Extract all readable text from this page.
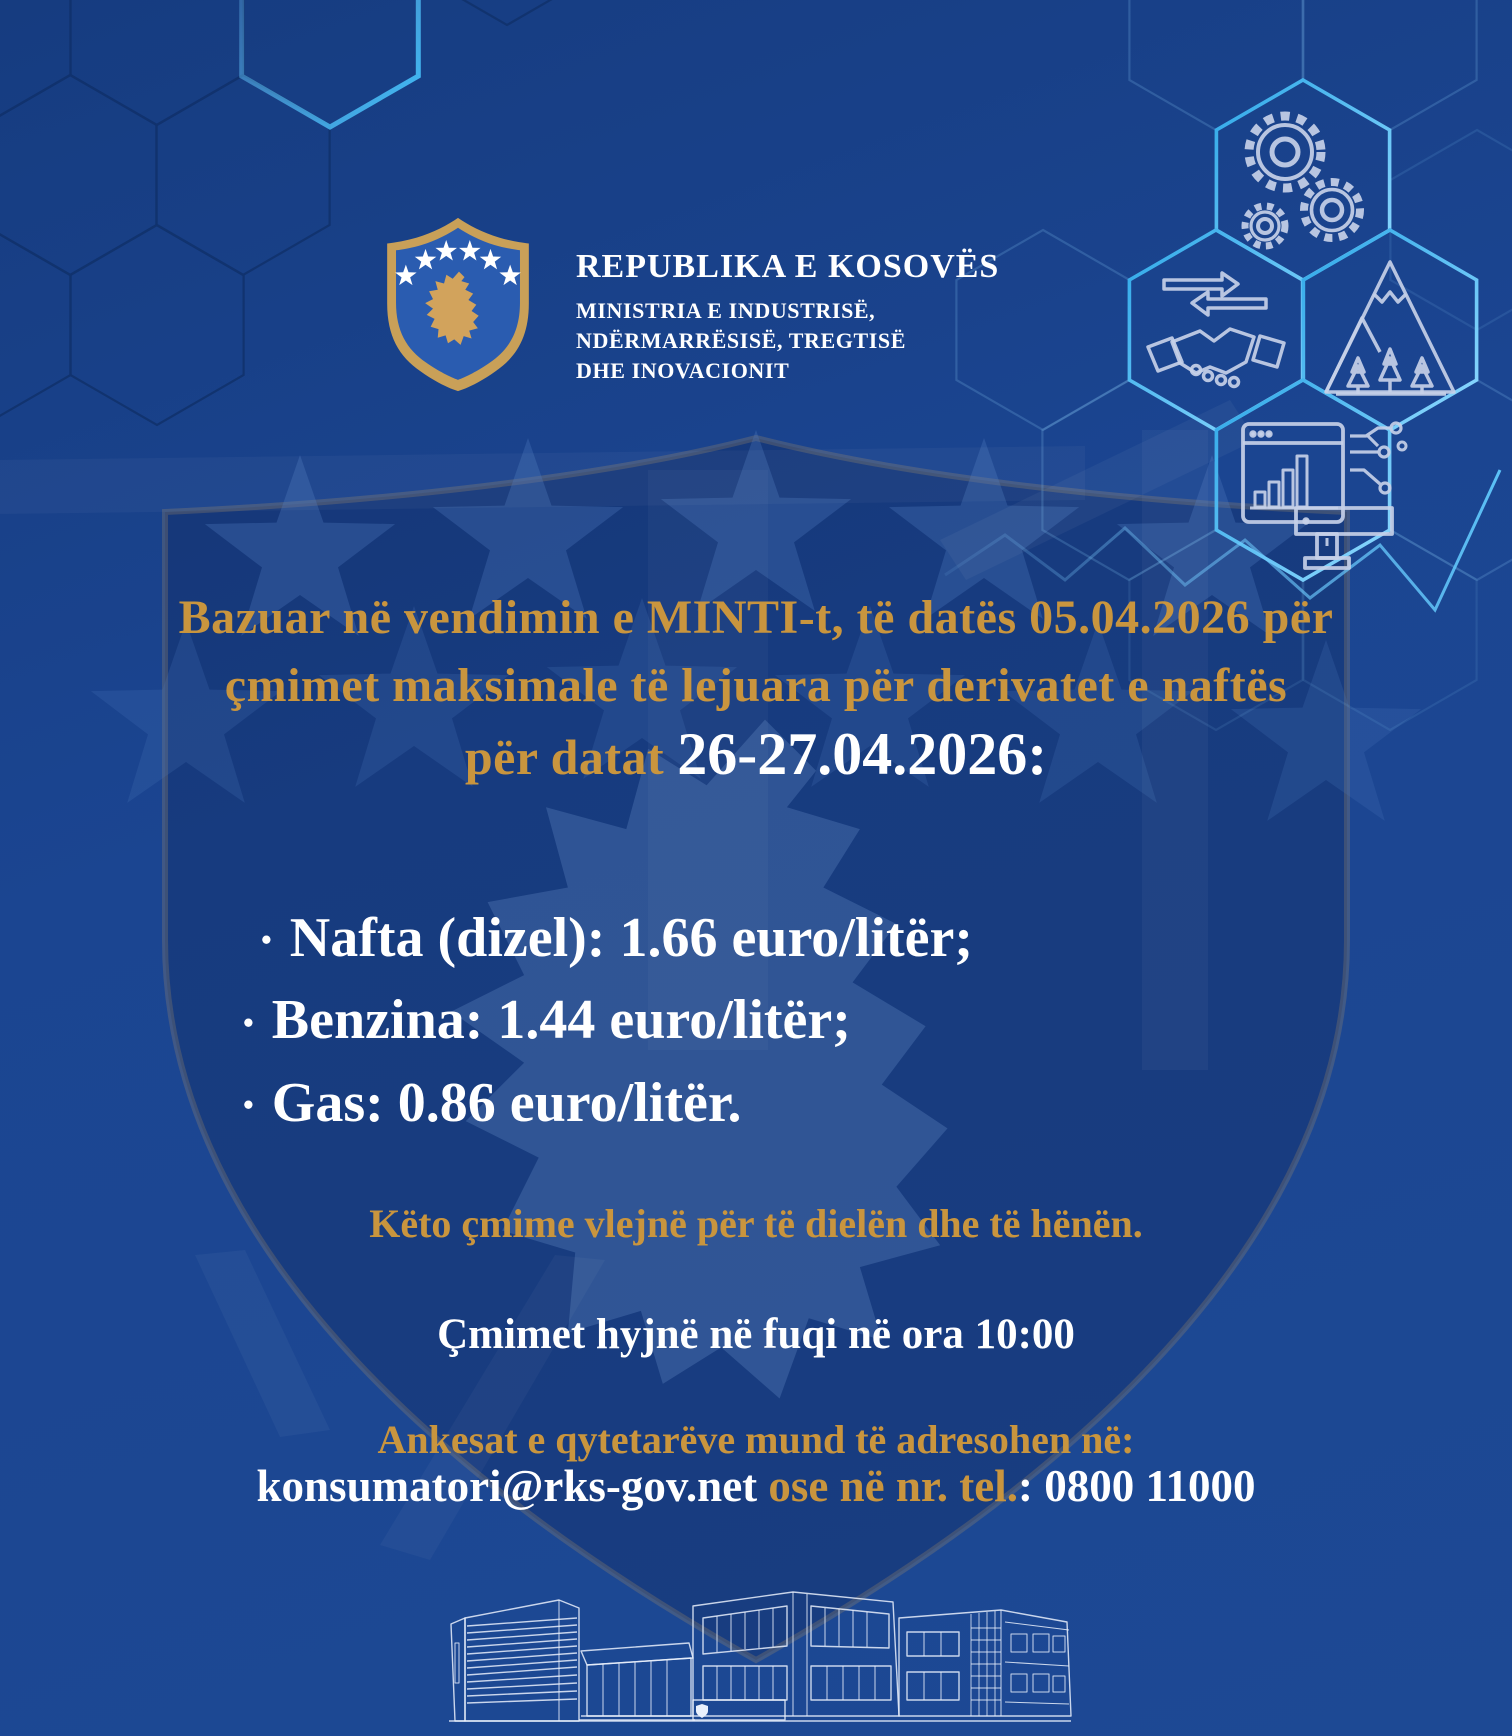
REPUBLIKA E KOSOVËS
MINISTRIA E INDUSTRISË,
NDËRMARRËSISË, TREGTISË
DHE INOVACIONIT
Bazuar në vendimin e MINTI-t, të datës 05.04.2026 për
çmimet maksimale të lejuara për derivatet e naftës
për datat 26-27.04.2026:
• Nafta (dizel): 1.66 euro/litër;
• Benzina: 1.44 euro/litër;
• Gas: 0.86 euro/litër.
Këto çmime vlejnë për të dielën dhe të hënën.
Çmimet hyjnë në fuqi në ora 10:00
Ankesat e qytetarëve mund të adresohen në:
konsumatori@rks-gov.net ose në nr. tel.: 0800 11000
